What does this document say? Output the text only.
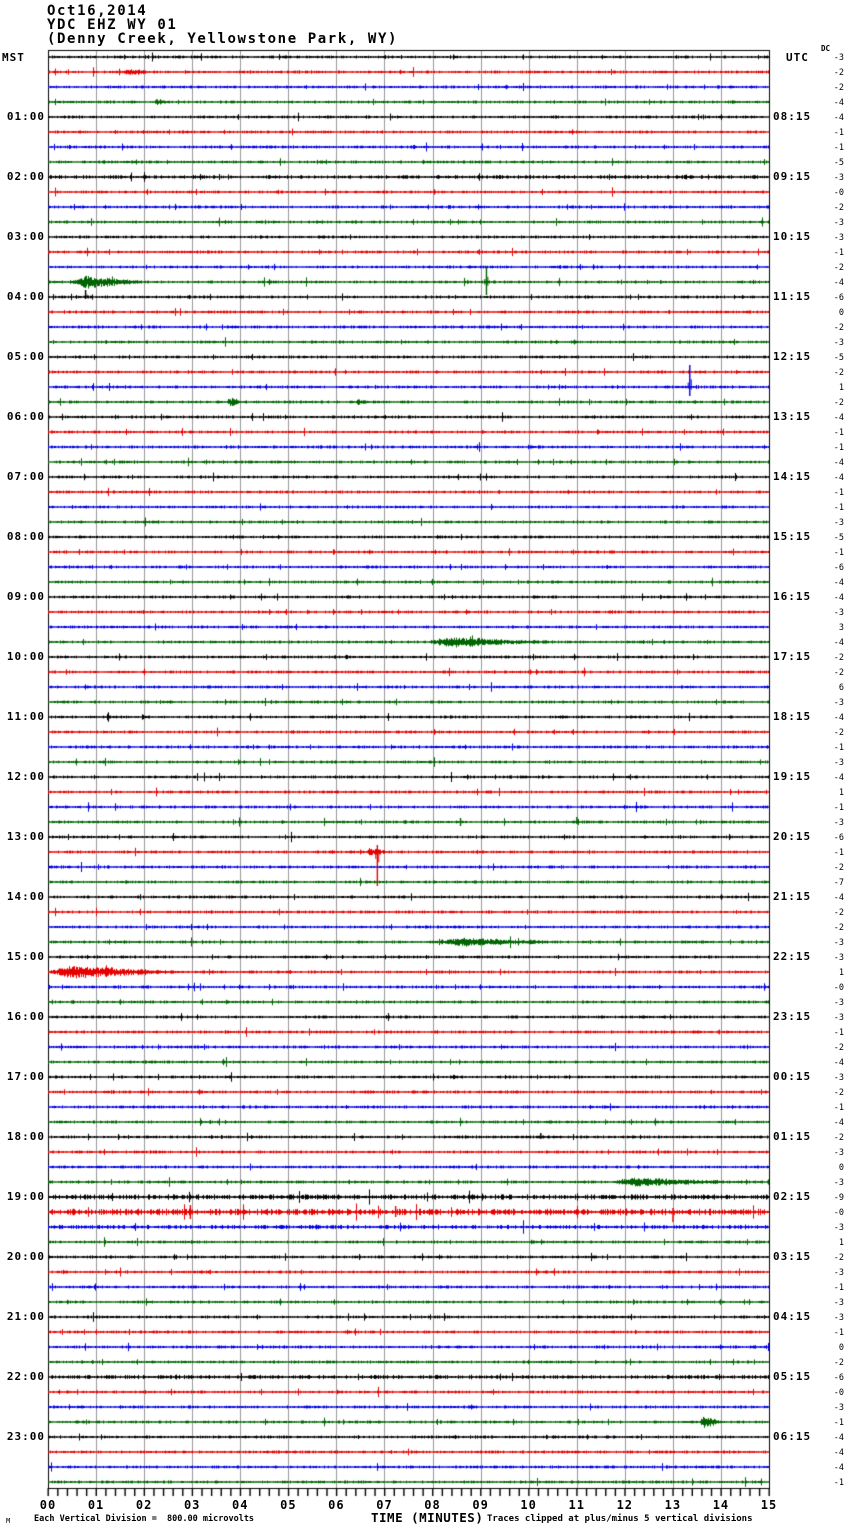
Oct16,2014
YDC EHZ WY 01
(Denny Creek, Yellowstone Park, WY)
MST	UTC
DC
01:00
02:00
03:00
04:00
05:00
06:00
07:00
08:00
09:00
10:00
11:00
12:00
13:00
14:00
15:00
16:00
17:00
18:00
19:00
20:00
21:00
22:00
23:00
08:15
09:15
10:15
11:15
12:15
13:15
14:15
15:15
16:15
17:15
18:15
19:15
20:15
21:15
22:15
23:15
00:15
01:15
02:15
03:15
04:15
05:15
06:15
-3
-2
-2
-4
-4
-1
-1
-5
-3
-0
-2
-3
-3
-1
-2
-4
-6
0
-2
-3
-5
-2
1
-2
-4
-1
-1
-4
-4
-1
-1
-3
-5
-1
-6
-4
-4
-3
3
-4
-2
-2
6
-3
-4
-2
-1
-3
-4
1
-1
-3
-6
-1
-2
-7
-4
-2
-2
-3
-3
1
-0
-3
-3
-1
-2
-4
-3
-2
-1
-4
-2
-3
0
-3
-9
-0
-3
1
-2
-3
-1
-3
-3
-1
0
-2
-6
-0
-3
-1
-4
-4
-4
-1
00	01	02	03	04	05	06	07	08	09	10	11	12	13	14	15
M	Each Vertical Division =  800.00 microvolts	TIME (MINUTES) Traces clipped at plus/minus 5 vertical divisions
